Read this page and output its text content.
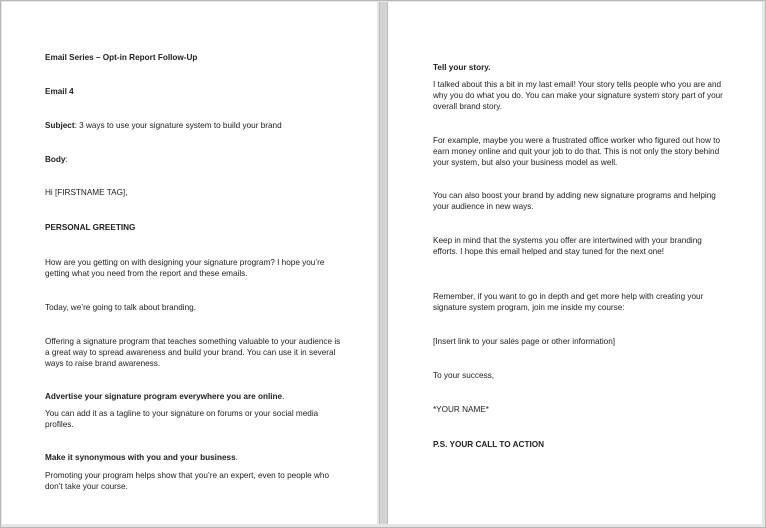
Email Series – Opt-in Report Follow-Up

Email 4

Subject: 3 ways to use your signature system to build your brand

Body:

Hi [FIRSTNAME TAG],

PERSONAL GREETING

How are you getting on with designing your signature program? I hope you’re getting what you need from the report and these emails.

Today, we’re going to talk about branding.

Offering a signature program that teaches something valuable to your audience is a great way to spread awareness and build your brand. You can use it in several ways to raise brand awareness.

Advertise your signature program everywhere you are online.

You can add it as a tagline to your signature on forums or your social media profiles.

Make it synonymous with you and your business.

Promoting your program helps show that you’re an expert, even to people who don’t take your course.

Tell your story.

I talked about this a bit in my last email! Your story tells people who you are and why you do what you do. You can make your signature system story part of your overall brand story.

For example, maybe you were a frustrated office worker who figured out how to earn money online and quit your job to do that. This is not only the story behind your system, but also your business model as well.

You can also boost your brand by adding new signature programs and helping your audience in new ways.

Keep in mind that the systems you offer are intertwined with your branding efforts. I hope this email helped and stay tuned for the next one!

Remember, if you want to go in depth and get more help with creating your signature system program, join me inside my course:

[Insert link to your sales page or other information]

To your success,

*YOUR NAME*

P.S. YOUR CALL TO ACTION
